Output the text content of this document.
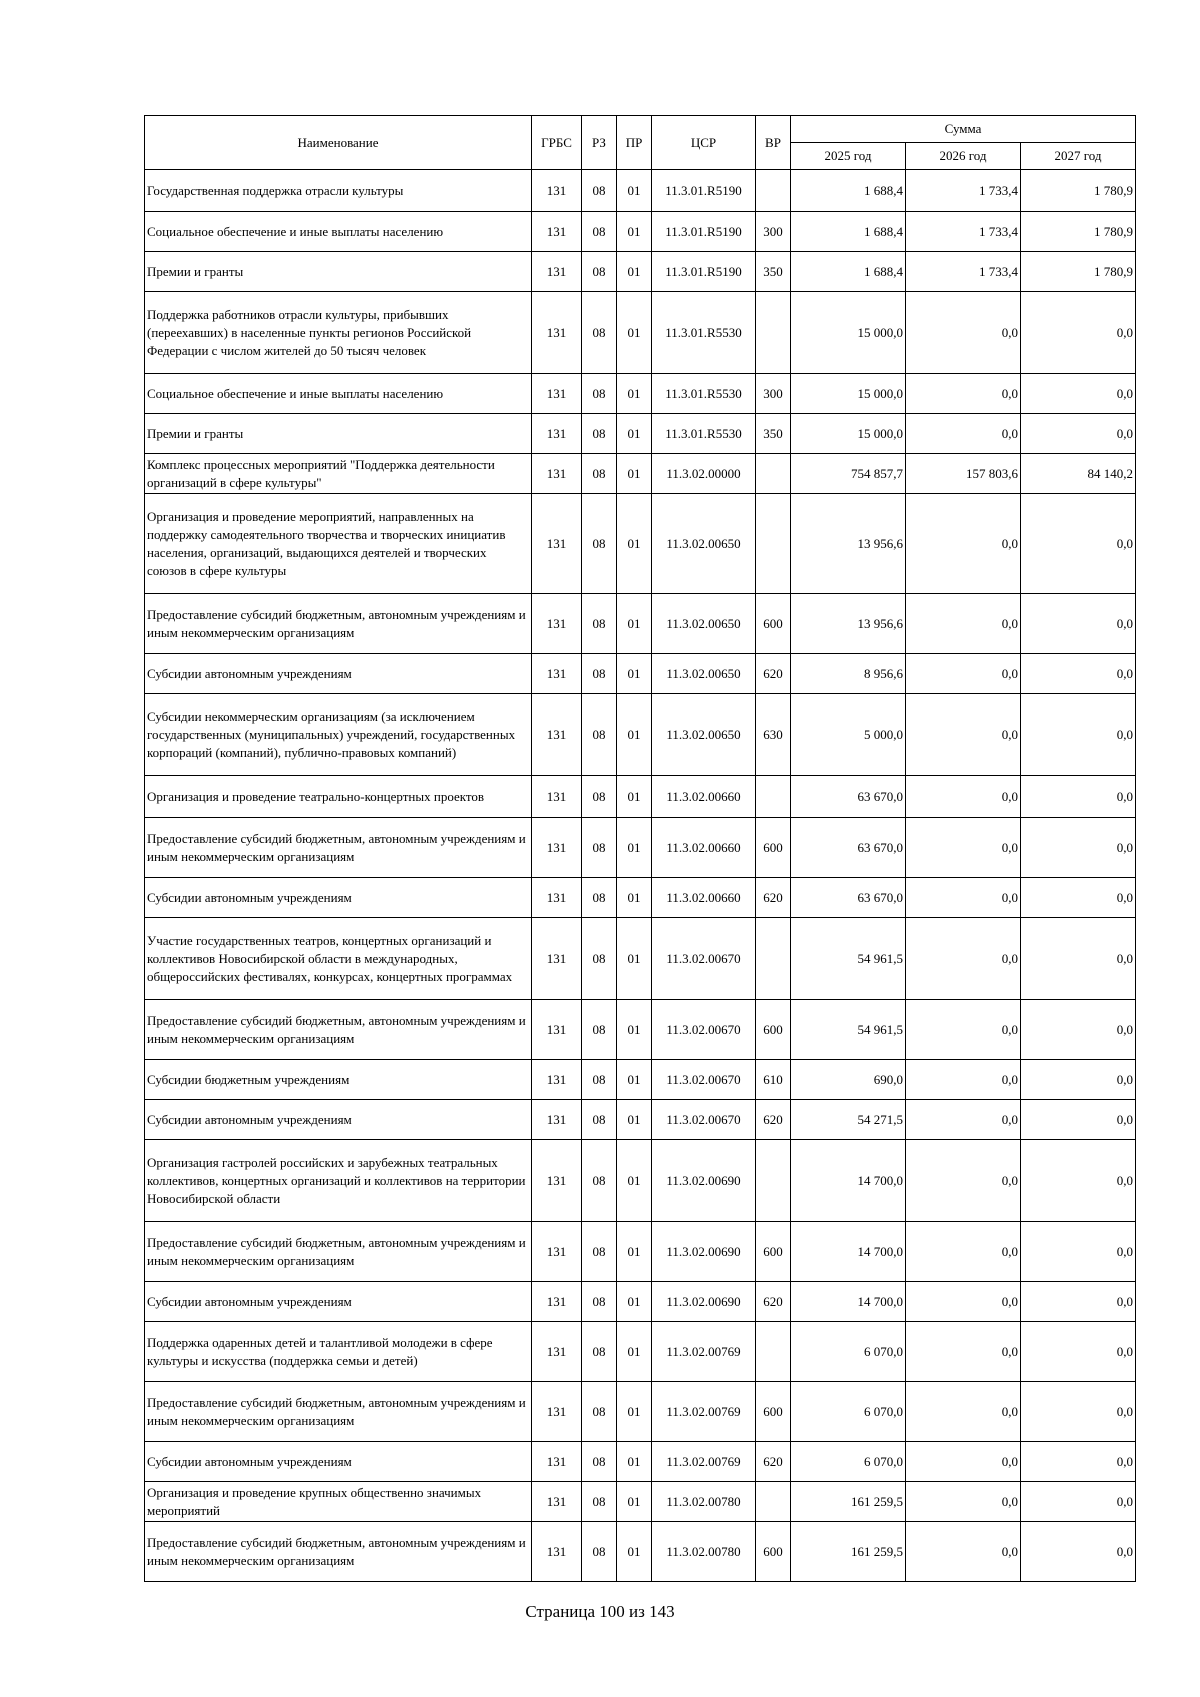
Наименование	ГРБС	РЗ	ПР	ЦСР	ВР	Сумма		
						2025 год	2026 год	2027 год
Государственная поддержка отрасли культуры	131	08	01	11.3.01.R5190		1 688,4	1 733,4	1 780,9
Социальное обеспечение и иные выплаты населению	131	08	01	11.3.01.R5190	300	1 688,4	1 733,4	1 780,9
Премии и гранты	131	08	01	11.3.01.R5190	350	1 688,4	1 733,4	1 780,9
Поддержка работников отрасли культуры, прибывших (переехавших) в населенные пункты регионов Российской Федерации с числом жителей до 50 тысяч человек	131	08	01	11.3.01.R5530		15 000,0	0,0	0,0
Социальное обеспечение и иные выплаты населению	131	08	01	11.3.01.R5530	300	15 000,0	0,0	0,0
Премии и гранты	131	08	01	11.3.01.R5530	350	15 000,0	0,0	0,0
Комплекс процессных мероприятий "Поддержка деятельности организаций в сфере культуры"	131	08	01	11.3.02.00000		754 857,7	157 803,6	84 140,2
Организация и проведение мероприятий, направленных на поддержку самодеятельного творчества и творческих инициатив населения, организаций, выдающихся деятелей и творческих союзов в сфере культуры	131	08	01	11.3.02.00650		13 956,6	0,0	0,0
Предоставление субсидий бюджетным, автономным учреждениям и иным некоммерческим организациям	131	08	01	11.3.02.00650	600	13 956,6	0,0	0,0
Субсидии автономным учреждениям	131	08	01	11.3.02.00650	620	8 956,6	0,0	0,0
Субсидии некоммерческим организациям (за исключением государственных (муниципальных) учреждений, государственных корпораций (компаний), публично-правовых компаний)	131	08	01	11.3.02.00650	630	5 000,0	0,0	0,0
Организация и проведение театрально-концертных проектов	131	08	01	11.3.02.00660		63 670,0	0,0	0,0
Предоставление субсидий бюджетным, автономным учреждениям и иным некоммерческим организациям	131	08	01	11.3.02.00660	600	63 670,0	0,0	0,0
Субсидии автономным учреждениям	131	08	01	11.3.02.00660	620	63 670,0	0,0	0,0
Участие государственных театров, концертных организаций и коллективов Новосибирской области в международных, общероссийских фестивалях, конкурсах, концертных программах	131	08	01	11.3.02.00670		54 961,5	0,0	0,0
Предоставление субсидий бюджетным, автономным учреждениям и иным некоммерческим организациям	131	08	01	11.3.02.00670	600	54 961,5	0,0	0,0
Субсидии бюджетным учреждениям	131	08	01	11.3.02.00670	610	690,0	0,0	0,0
Субсидии автономным учреждениям	131	08	01	11.3.02.00670	620	54 271,5	0,0	0,0
Организация гастролей российских и зарубежных театральных коллективов, концертных организаций и коллективов на территории Новосибирской области	131	08	01	11.3.02.00690		14 700,0	0,0	0,0
Предоставление субсидий бюджетным, автономным учреждениям и иным некоммерческим организациям	131	08	01	11.3.02.00690	600	14 700,0	0,0	0,0
Субсидии автономным учреждениям	131	08	01	11.3.02.00690	620	14 700,0	0,0	0,0
Поддержка одаренных детей и талантливой молодежи в сфере культуры и искусства (поддержка семьи и детей)	131	08	01	11.3.02.00769		6 070,0	0,0	0,0
Предоставление субсидий бюджетным, автономным учреждениям и иным некоммерческим организациям	131	08	01	11.3.02.00769	600	6 070,0	0,0	0,0
Субсидии автономным учреждениям	131	08	01	11.3.02.00769	620	6 070,0	0,0	0,0
Организация и проведение крупных общественно значимых мероприятий	131	08	01	11.3.02.00780		161 259,5	0,0	0,0
Предоставление субсидий бюджетным, автономным учреждениям и иным некоммерческим организациям	131	08	01	11.3.02.00780	600	161 259,5	0,0	0,0
Страница 100 из 143
